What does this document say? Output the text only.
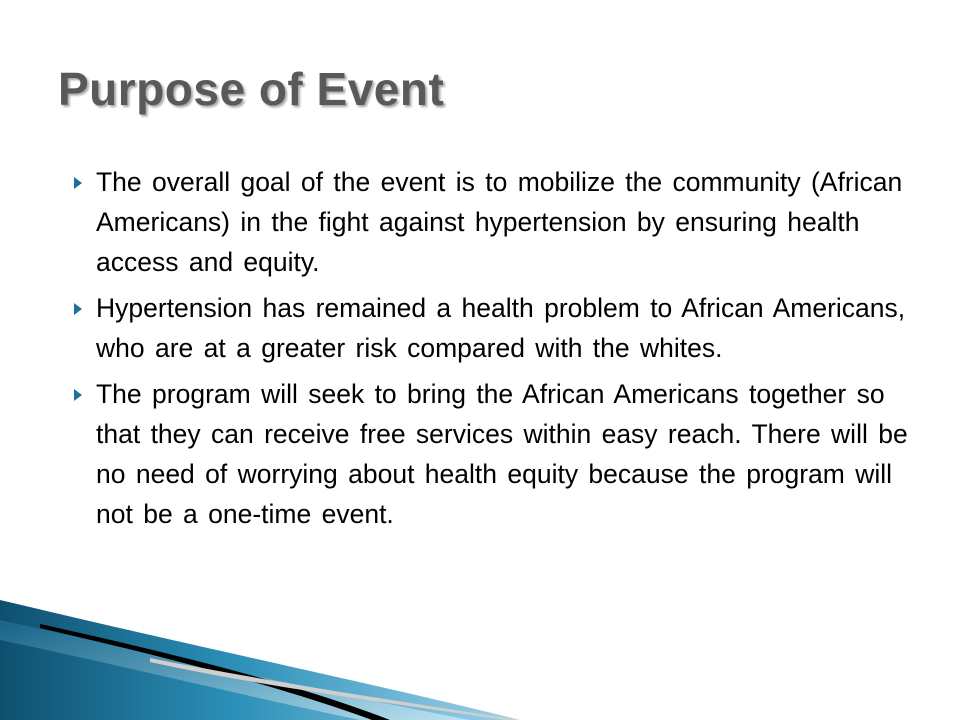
Purpose of Event
The overall goal of the event is to mobilize the community (African Americans) in the fight against hypertension by ensuring health access and equity.
Hypertension has remained a health problem to African Americans, who are at a greater risk compared with the whites.
The program will seek to bring the African Americans together so that they can receive free services within easy reach. There will be no need of worrying about health equity because the program will not be a one-time event.
